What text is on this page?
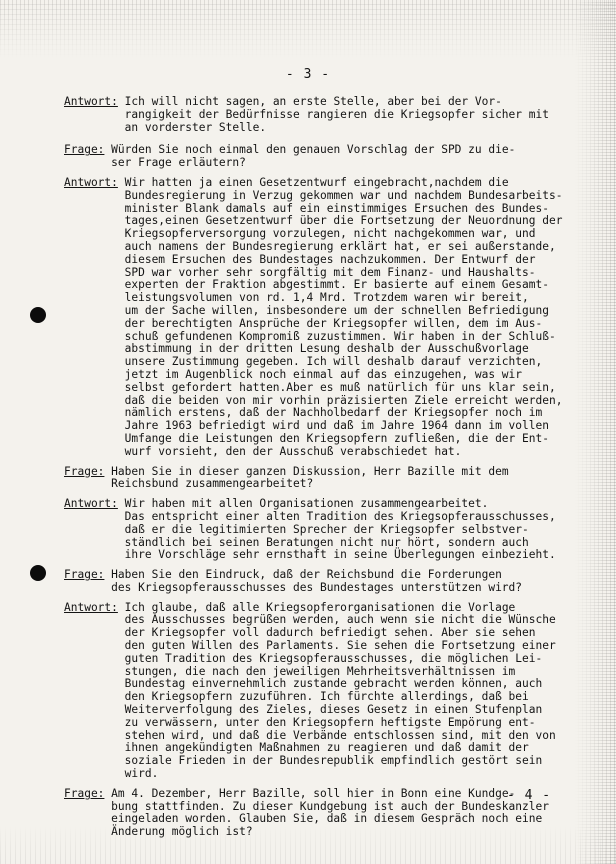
- 3 -
Antwort: Ich will nicht sagen, an erste Stelle, aber bei der Vor-
rangigkeit der Bedürfnisse rangieren die Kriegsopfer sicher mit
an vorderster Stelle.
Frage: Würden Sie noch einmal den genauen Vorschlag der SPD zu die-
ser Frage erläutern?
Antwort: Wir hatten ja einen Gesetzentwurf eingebracht,nachdem die
Bundesregierung in Verzug gekommen war und nachdem Bundesarbeits-
minister Blank damals auf ein einstimmiges Ersuchen des Bundes-
tages,einen Gesetzentwurf über die Fortsetzung der Neuordnung der
Kriegsopferversorgung vorzulegen, nicht nachgekommen war, und
auch namens der Bundesregierung erklärt hat, er sei außerstande,
diesem Ersuchen des Bundestages nachzukommen. Der Entwurf der
SPD war vorher sehr sorgfältig mit dem Finanz- und Haushalts-
experten der Fraktion abgestimmt. Er basierte auf einem Gesamt-
leistungsvolumen von rd. 1,4 Mrd. Trotzdem waren wir bereit,
um der Sache willen, insbesondere um der schnellen Befriedigung
der berechtigten Ansprüche der Kriegsopfer willen, dem im Aus-
schuß gefundenen Kompromiß zuzustimmen. Wir haben in der Schluß-
abstimmung in der dritten Lesung deshalb der Ausschußvorlage
unsere Zustimmung gegeben. Ich will deshalb darauf verzichten,
jetzt im Augenblick noch einmal auf das einzugehen, was wir
selbst gefordert hatten.Aber es muß natürlich für uns klar sein,
daß die beiden von mir vorhin präzisierten Ziele erreicht werden,
nämlich erstens, daß der Nachholbedarf der Kriegsopfer noch im
Jahre 1963 befriedigt wird und daß im Jahre 1964 dann im vollen
Umfange die Leistungen den Kriegsopfern zufließen, die der Ent-
wurf vorsieht, den der Ausschuß verabschiedet hat.
Frage: Haben Sie in dieser ganzen Diskussion, Herr Bazille mit dem
Reichsbund zusammengearbeitet?
Antwort: Wir haben mit allen Organisationen zusammengearbeitet.
Das entspricht einer alten Tradition des Kriegsopferausschusses,
daß er die legitimierten Sprecher der Kriegsopfer selbstver-
ständlich bei seinen Beratungen nicht nur hört, sondern auch
ihre Vorschläge sehr ernsthaft in seine Überlegungen einbezieht.
Frage: Haben Sie den Eindruck, daß der Reichsbund die Forderungen
des Kriegsopferausschusses des Bundestages unterstützen wird?
Antwort: Ich glaube, daß alle Kriegsopferorganisationen die Vorlage
des Ausschusses begrüßen werden, auch wenn sie nicht die Wünsche
der Kriegsopfer voll dadurch befriedigt sehen. Aber sie sehen
den guten Willen des Parlaments. Sie sehen die Fortsetzung einer
guten Tradition des Kriegsopferausschusses, die möglichen Lei-
stungen, die nach den jeweiligen Mehrheitsverhältnissen im
Bundestag einvernehmlich zustande gebracht werden können, auch
den Kriegsopfern zuzuführen. Ich fürchte allerdings, daß bei
Weiterverfolgung des Zieles, dieses Gesetz in einen Stufenplan
zu verwässern, unter den Kriegsopfern heftigste Empörung ent-
stehen wird, und daß die Verbände entschlossen sind, mit den von
ihnen angekündigten Maßnahmen zu reagieren und daß damit der
soziale Frieden in der Bundesrepublik empfindlich gestört sein
wird.
Frage: Am 4. Dezember, Herr Bazille, soll hier in Bonn eine Kundge-
bung stattfinden. Zu dieser Kundgebung ist auch der Bundeskanzler
eingeladen worden. Glauben Sie, daß in diesem Gespräch noch eine
Änderung möglich ist?
- 4 -
